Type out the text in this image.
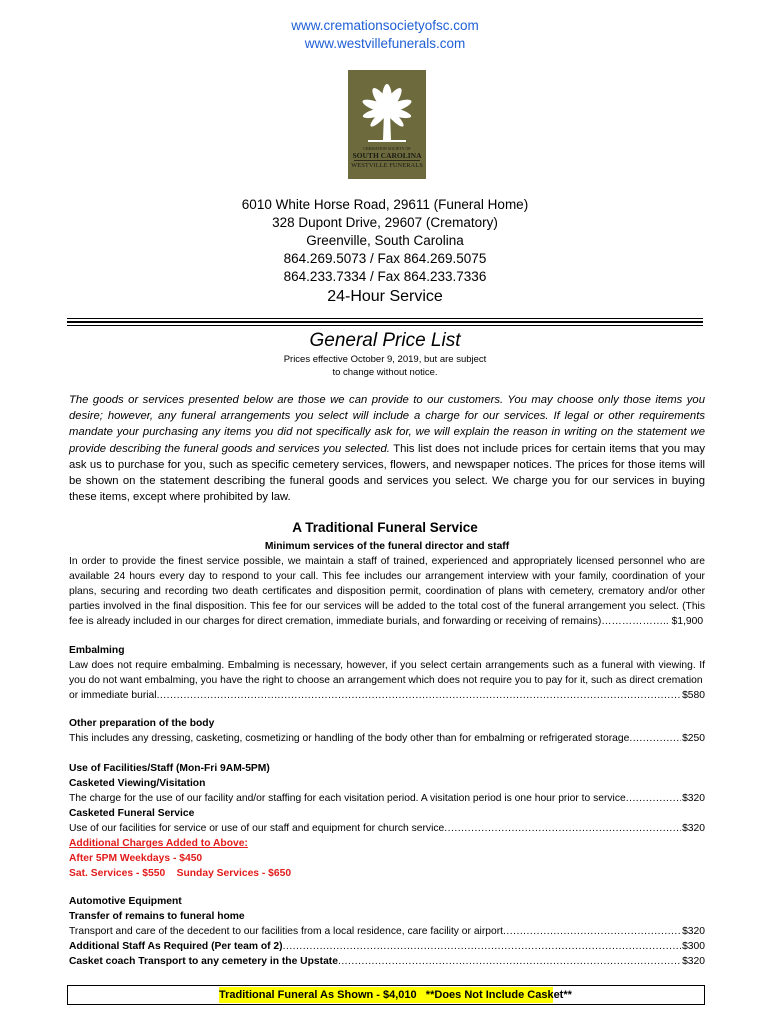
www.cremationsocietyofsc.com
www.westvillefunerals.com
CREMATION SOCIETY OF
SOUTH CAROLINA
WESTVILLE FUNERALS
6010 White Horse Road, 29611 (Funeral Home)
328 Dupont Drive, 29607 (Crematory)
Greenville, South Carolina
864.269.5073 / Fax 864.269.5075
864.233.7334 / Fax 864.233.7336
24-Hour Service
General Price List
Prices effective October 9, 2019, but are subject
to change without notice.
The goods or services presented below are those we can provide to our customers. You may choose only those items you desire; however, any funeral arrangements you select will include a charge for our services. If legal or other requirements mandate your purchasing any items you did not specifically ask for, we will explain the reason in writing on the statement we provide describing the funeral goods and services you selected. This list does not include prices for certain items that you may ask us to purchase for you, such as specific cemetery services, flowers, and newspaper notices. The prices for those items will be shown on the statement describing the funeral goods and services you select. We charge you for our services in buying these items, except where prohibited by law.
A Traditional Funeral Service
Minimum services of the funeral director and staff
In order to provide the finest service possible, we maintain a staff of trained, experienced and appropriately licensed personnel who are available 24 hours every day to respond to your call. This fee includes our arrangement interview with your family, coordination of your plans, securing and recording two death certificates and disposition permit, coordination of plans with cemetery, crematory and/or other parties involved in the final disposition. This fee for our services will be added to the total cost of the funeral arrangement you select. (This fee is already included in our charges for direct cremation, immediate burials, and forwarding or receiving of remains)……………….. $1,900
Embalming
Law does not require embalming. Embalming is necessary, however, if you select certain arrangements such as a funeral with viewing. If you do not want embalming, you have the right to choose an arrangement which does not require you to pay for it, such as direct cremation
or immediate burial .....	$580
Other preparation of the body
This includes any dressing, casketing, cosmetizing or handling of the body other than for embalming or refrigerated storage .....	$250
Use of Facilities/Staff (Mon-Fri 9AM-5PM)
Casketed Viewing/Visitation
The charge for the use of our facility and/or staffing for each visitation period. A visitation period is one hour prior to service .....	$320
Casketed Funeral Service
Use of our facilities for service or use of our staff and equipment for church service .....	$320
Additional Charges Added to Above:
After 5PM Weekdays - $450
Sat. Services - $550    Sunday Services - $650
Automotive Equipment
Transfer of remains to funeral home
Transport and care of the decedent to our facilities from a local residence, care facility or airport .....	$320
Additional Staff As Required (Per team of 2) .....	$300
Casket coach Transport to any cemetery in the Upstate .....	$320
Traditional Funeral As Shown - $4,010   **Does Not Include Casket**
